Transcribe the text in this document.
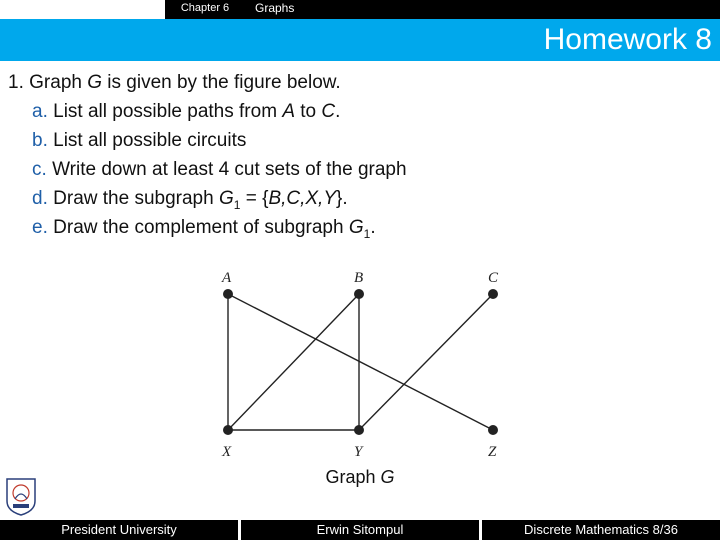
Chapter 6	Graphs
Homework 8

1. Graph G is given by the figure below.

a. List all possible paths from A to C.

b. List all possible circuits

c. Write down at least 4 cut sets of the graph

d. Draw the subgraph $G_1 = \{B,C,X,Y\}$.

e. Draw the complement of subgraph $G_1$.

A	B	C
X	Y	Z
Graph G
President University	Erwin Sitompul	Discrete Mathematics 8/36
